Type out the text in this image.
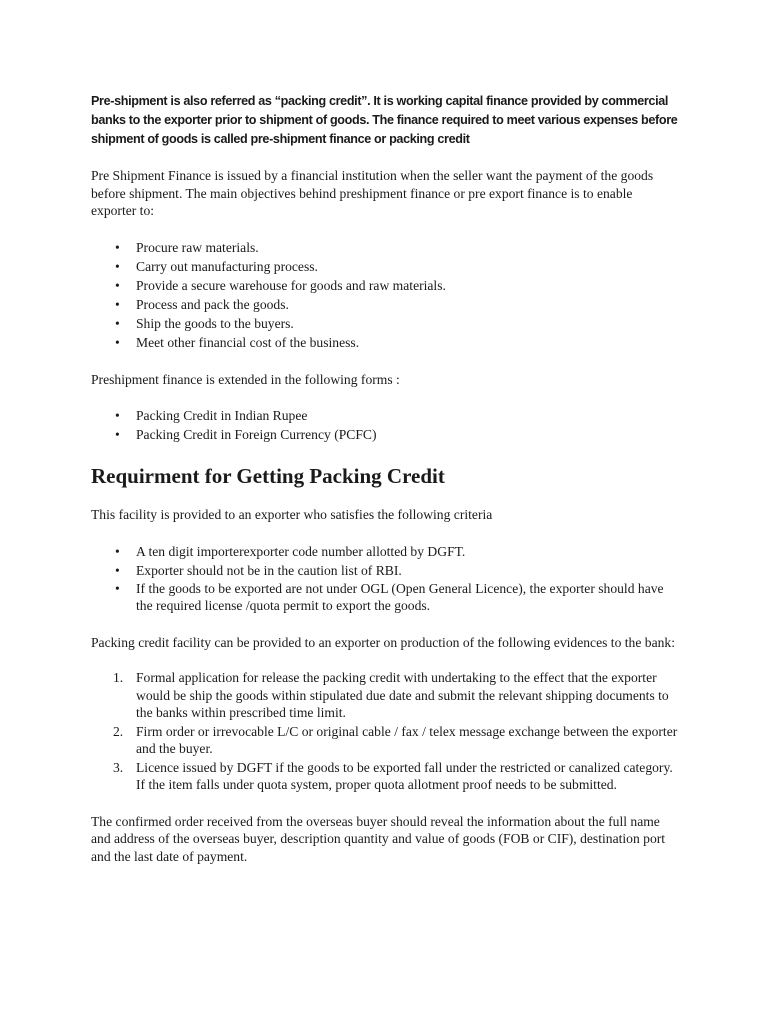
Pre-shipment is also referred as “packing credit”. It is working capital finance provided by commercial banks to the exporter prior to shipment of goods. The finance required to meet various expenses before shipment of goods is called pre-shipment finance or packing credit

Pre Shipment Finance is issued by a financial institution when the seller want the payment of the goods before shipment. The main objectives behind preshipment finance or pre export finance is to enable exporter to:

• Procure raw materials.
• Carry out manufacturing process.
• Provide a secure warehouse for goods and raw materials.
• Process and pack the goods.
• Ship the goods to the buyers.
• Meet other financial cost of the business.

Preshipment finance is extended in the following forms :

• Packing Credit in Indian Rupee
• Packing Credit in Foreign Currency (PCFC)
Requirment for Getting Packing Credit

This facility is provided to an exporter who satisfies the following criteria

• A ten digit importerexporter code number allotted by DGFT.
• Exporter should not be in the caution list of RBI.
• If the goods to be exported are not under OGL (Open General Licence), the exporter should have the required license /quota permit to export the goods.

Packing credit facility can be provided to an exporter on production of the following evidences to the bank:

1. Formal application for release the packing credit with undertaking to the effect that the exporter would be ship the goods within stipulated due date and submit the relevant shipping documents to the banks within prescribed time limit.
2. Firm order or irrevocable L/C or original cable / fax / telex message exchange between the exporter and the buyer.
3. Licence issued by DGFT if the goods to be exported fall under the restricted or canalized category. If the item falls under quota system, proper quota allotment proof needs to be submitted.

The confirmed order received from the overseas buyer should reveal the information about the full name and address of the overseas buyer, description quantity and value of goods (FOB or CIF), destination port and the last date of payment.
